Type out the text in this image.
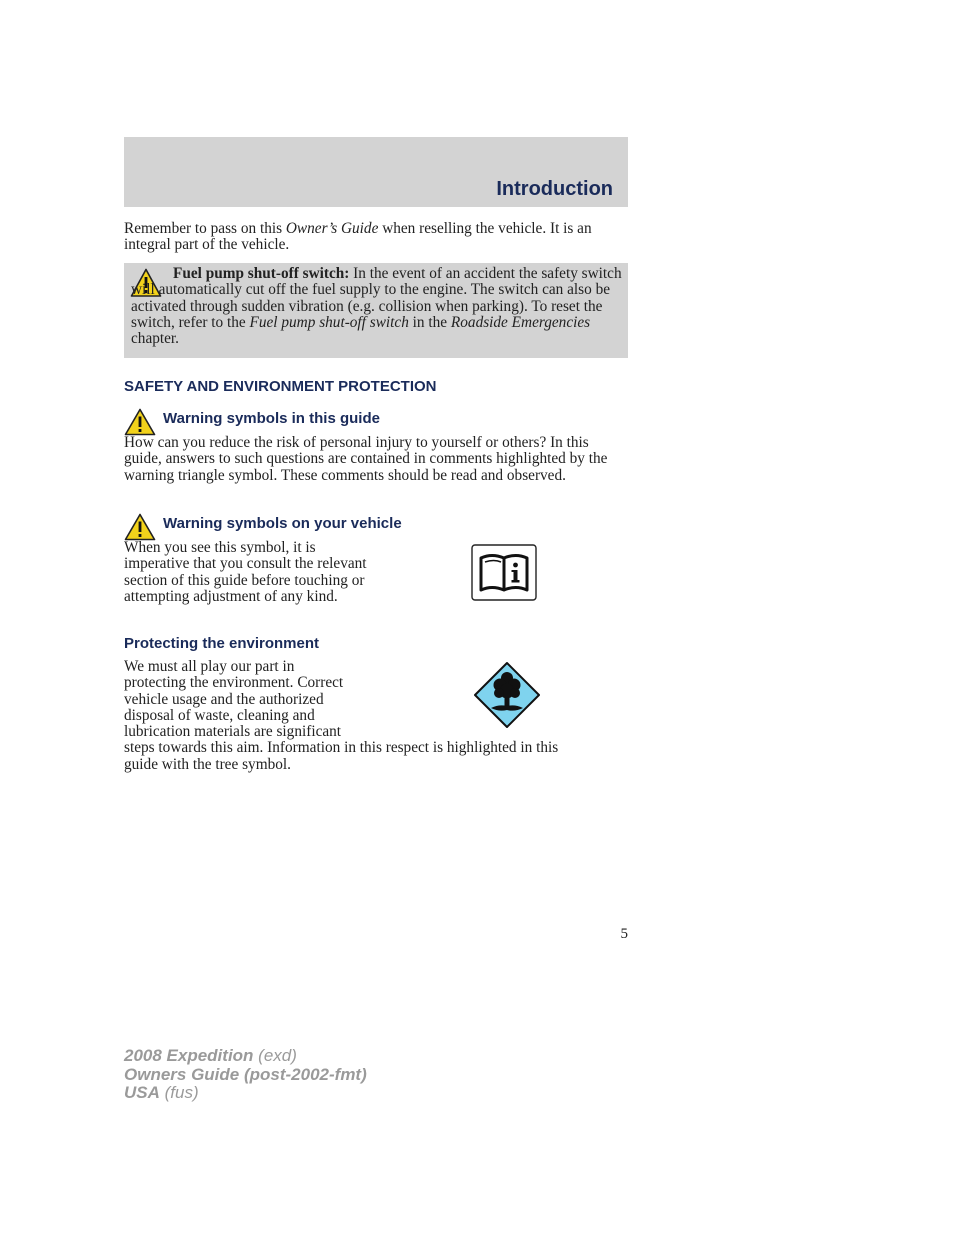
Introduction
Remember to pass on this Owner’s Guide when reselling the vehicle. It is an integral part of the vehicle.
Fuel pump shut-off switch: In the event of an accident the safety switch will automatically cut off the fuel supply to the engine. The switch can also be activated through sudden vibration (e.g. collision when parking). To reset the switch, refer to the Fuel pump shut-off switch in the Roadside Emergencies chapter.
SAFETY AND ENVIRONMENT PROTECTION
Warning symbols in this guide
How can you reduce the risk of personal injury to yourself or others? In this guide, answers to such questions are contained in comments highlighted by the warning triangle symbol. These comments should be read and observed.
Warning symbols on your vehicle
When you see this symbol, it is imperative that you consult the relevant section of this guide before touching or attempting adjustment of any kind.
Protecting the environment
We must all play our part in
protecting the environment. Correct
vehicle usage and the authorized
disposal of waste, cleaning and
lubrication materials are significant
steps towards this aim. Information in this respect is highlighted in this
guide with the tree symbol.
5
2008 Expedition (exd)
Owners Guide (post-2002-fmt)
USA (fus)
